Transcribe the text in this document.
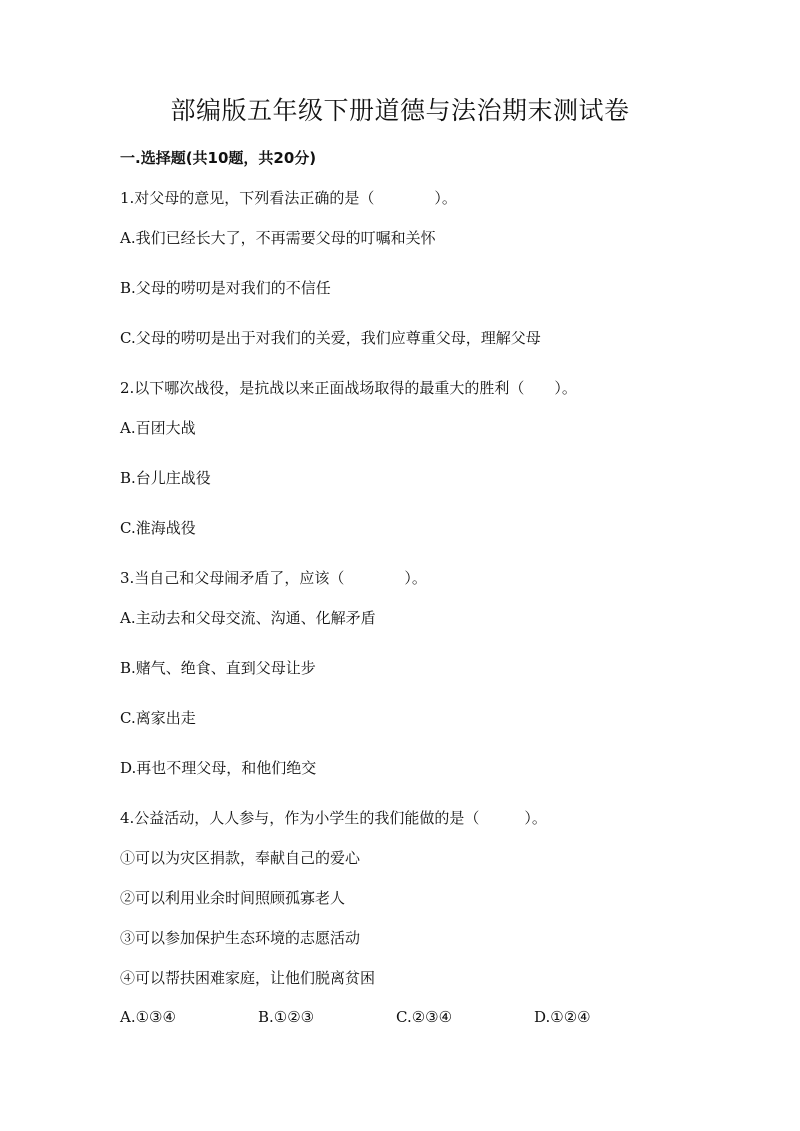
部编版五年级下册道德与法治期末测试卷
一.选择题(共10题，共20分)
1.对父母的意见，下列看法正确的是（　　　　）。
A.我们已经长大了，不再需要父母的叮嘱和关怀
B.父母的唠叨是对我们的不信任
C.父母的唠叨是出于对我们的关爱，我们应尊重父母，理解父母
2.以下哪次战役，是抗战以来正面战场取得的最重大的胜利（　　）。
A.百团大战
B.台儿庄战役
C.淮海战役
3.当自己和父母闹矛盾了，应该（　　　　）。
A.主动去和父母交流、沟通、化解矛盾
B.赌气、绝食、直到父母让步
C.离家出走
D.再也不理父母，和他们绝交
4.公益活动，人人参与，作为小学生的我们能做的是（　　　）。
①可以为灾区捐款，奉献自己的爱心
②可以利用业余时间照顾孤寡老人
③可以参加保护生态环境的志愿活动
④可以帮扶困难家庭，让他们脱离贫困
A.①③④	B.①②③	C.②③④	D.①②④
